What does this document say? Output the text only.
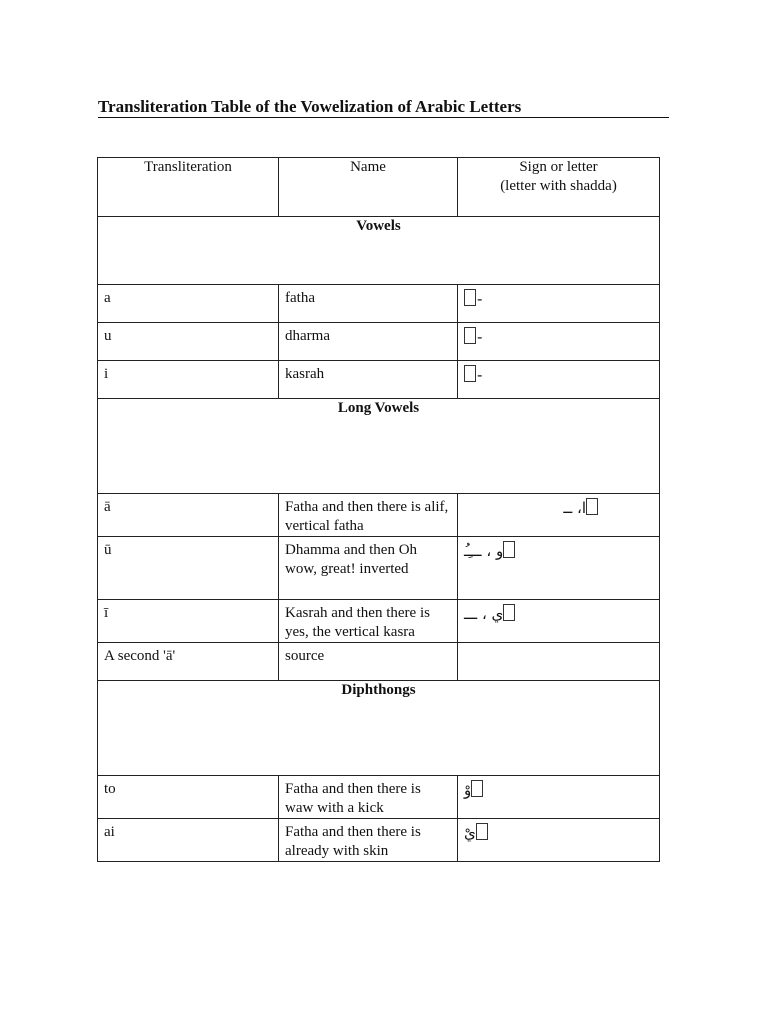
Transliteration Table of the Vowelization of Arabic Letters
Transliteration	Name	Sign or letter
(letter with shadda)
Vowels		
a	fatha	-
u	dharma	-
i	kasrah	-
Long Vowels		
ā	Fatha and then there is alif, vertical fatha	ا، ــ
ū	Dhamma and then Oh wow, great! inverted	ُو ، ـــِـ
ī	Kasrah and then there is yes, the vertical kasra	ي ، ـــ
A second 'ā'	source	
Diphthongs		
to	Fatha and then there is waw with a kick	وْ
ai	Fatha and then there is already with skin	يْ
